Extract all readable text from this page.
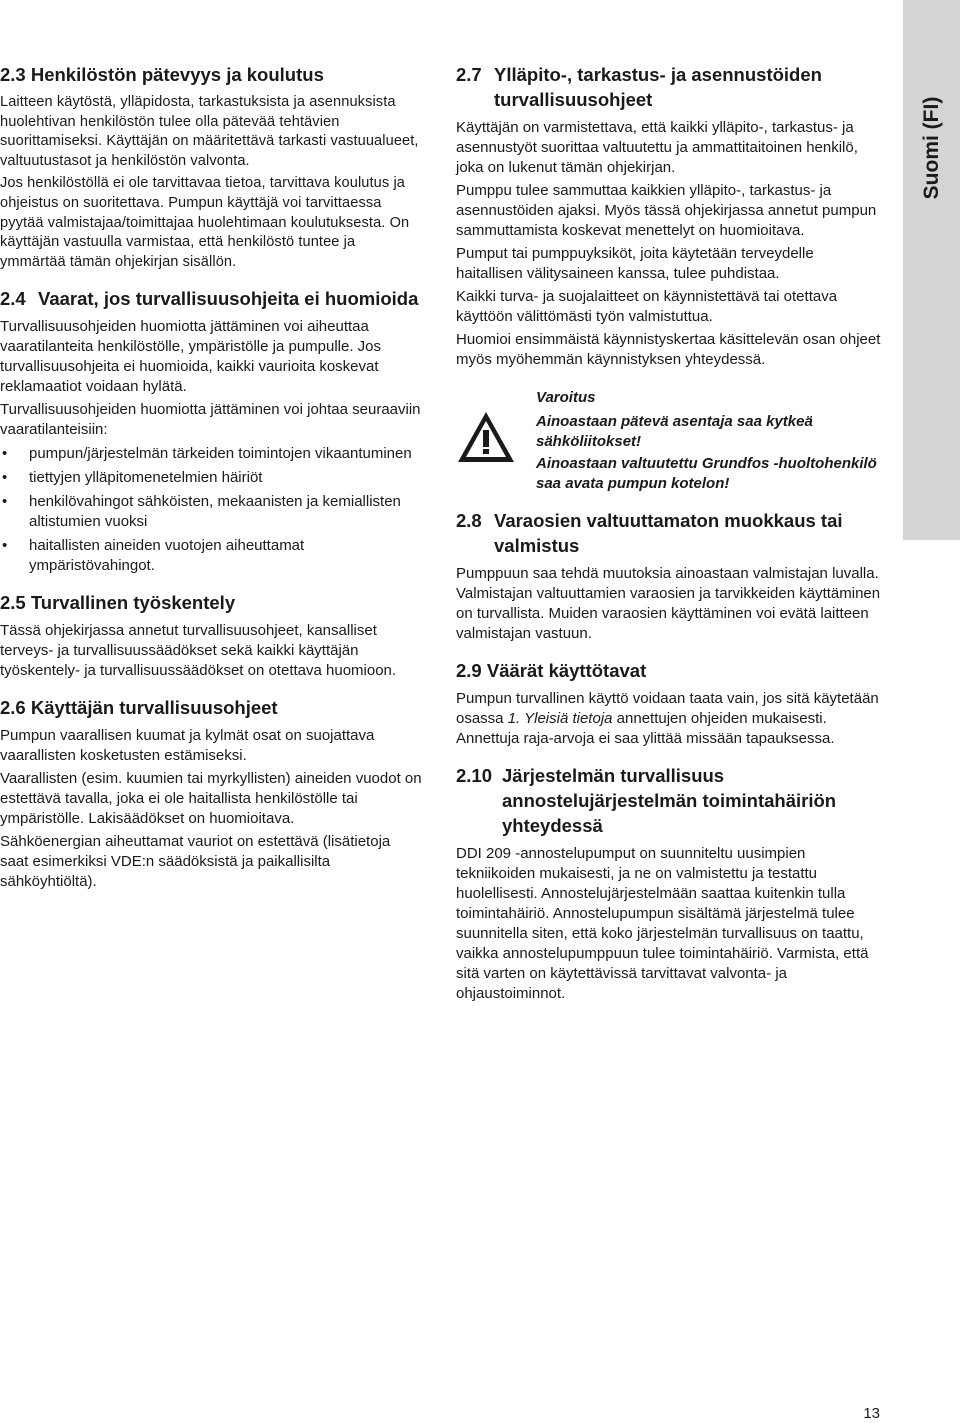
Suomi (FI)
2.3
Henkilöstön pätevyys ja koulutus

Laitteen käytöstä, ylläpidosta, tarkastuksista ja asennuksista huolehtivan henkilöstön tulee olla pätevää tehtävien suorittamiseksi. Käyttäjän on määritettävä tarkasti vastuualueet, valtuutustasot ja henkilöstön valvonta.

Jos henkilöstöllä ei ole tarvittavaa tietoa, tarvittava koulutus ja ohjeistus on suoritettava. Pumpun käyttäjä voi tarvittaessa pyytää valmistajaa/toimittajaa huolehtimaan koulutuksesta. On käyttäjän vastuulla varmistaa, että henkilöstö tuntee ja ymmärtää tämän ohjekirjan sisällön.

2.4 Vaarat, jos turvallisuusohjeita ei huomioida

Turvallisuusohjeiden huomiotta jättäminen voi aiheuttaa vaaratilanteita henkilöstölle, ympäristölle ja pumpulle. Jos turvallisuusohjeita ei huomioida, kaikki vaurioita koskevat reklamaatiot voidaan hylätä.

Turvallisuusohjeiden huomiotta jättäminen voi johtaa seuraaviin vaaratilanteisiin:

• pumpun/järjestelmän tärkeiden toimintojen vikaantuminen
• tiettyjen ylläpitomenetelmien häiriöt
• henkilövahingot sähköisten, mekaanisten ja kemiallisten altistumien vuoksi
• haitallisten aineiden vuotojen aiheuttamat ympäristövahingot.
2.5
Turvallinen työskentely

Tässä ohjekirjassa annetut turvallisuusohjeet, kansalliset terveys- ja turvallisuussäädökset sekä kaikki käyttäjän työskentely- ja turvallisuussäädökset on otettava huomioon.

2.6
Käyttäjän turvallisuusohjeet

Pumpun vaarallisen kuumat ja kylmät osat on suojattava vaarallisten kosketusten estämiseksi.

Vaarallisten (esim. kuumien tai myrkyllisten) aineiden vuodot on estettävä tavalla, joka ei ole haitallista henkilöstölle tai ympäristölle. Lakisäädökset on huomioitava.

Sähköenergian aiheuttamat vauriot on estettävä (lisätietoja saat esimerkiksi VDE:n säädöksistä ja paikallisilta sähköyhtiöltä).

2.7 Ylläpito-, tarkastus- ja asennustöiden turvallisuusohjeet

Käyttäjän on varmistettava, että kaikki ylläpito-, tarkastus- ja asennustyöt suorittaa valtuutettu ja ammattitaitoinen henkilö, joka on lukenut tämän ohjekirjan.

Pumppu tulee sammuttaa kaikkien ylläpito-, tarkastus- ja asennustöiden ajaksi. Myös tässä ohjekirjassa annetut pumpun sammuttamista koskevat menettelyt on huomioitava.

Pumput tai pumppuyksiköt, joita käytetään terveydelle haitallisen välitysaineen kanssa, tulee puhdistaa.

Kaikki turva- ja suojalaitteet on käynnistettävä tai otettava käyttöön välittömästi työn valmistuttua.

Huomioi ensimmäistä käynnistyskertaa käsittelevän osan ohjeet myös myöhemmän käynnistyksen yhteydessä.

Varoitus
Ainoastaan pätevä asentaja saa kytkeä sähköliitokset!
Ainoastaan valtuutettu Grundfos -huoltohenkilö saa avata pumpun kotelon!
2.8 Varaosien valtuuttamaton muokkaus tai valmistus

Pumppuun saa tehdä muutoksia ainoastaan valmistajan luvalla. Valmistajan valtuuttamien varaosien ja tarvikkeiden käyttäminen on turvallista. Muiden varaosien käyttäminen voi evätä laitteen valmistajan vastuun.

2.9
Väärät käyttötavat

Pumpun turvallinen käyttö voidaan taata vain, jos sitä käytetään osassa 1. Yleisiä tietoja annettujen ohjeiden mukaisesti. Annettuja raja-arvoja ei saa ylittää missään tapauksessa.

2.10 Järjestelmän turvallisuus annostelujärjestelmän toimintahäiriön yhteydessä

DDI 209 -annostelupumput on suunniteltu uusimpien tekniikoiden mukaisesti, ja ne on valmistettu ja testattu huolellisesti. Annostelujärjestelmään saattaa kuitenkin tulla toimintahäiriö. Annostelupumpun sisältämä järjestelmä tulee suunnitella siten, että koko järjestelmän turvallisuus on taattu, vaikka annostelupumppuun tulee toimintahäiriö. Varmista, että sitä varten on käytettävissä tarvittavat valvonta- ja ohjaustoiminnot.

13
